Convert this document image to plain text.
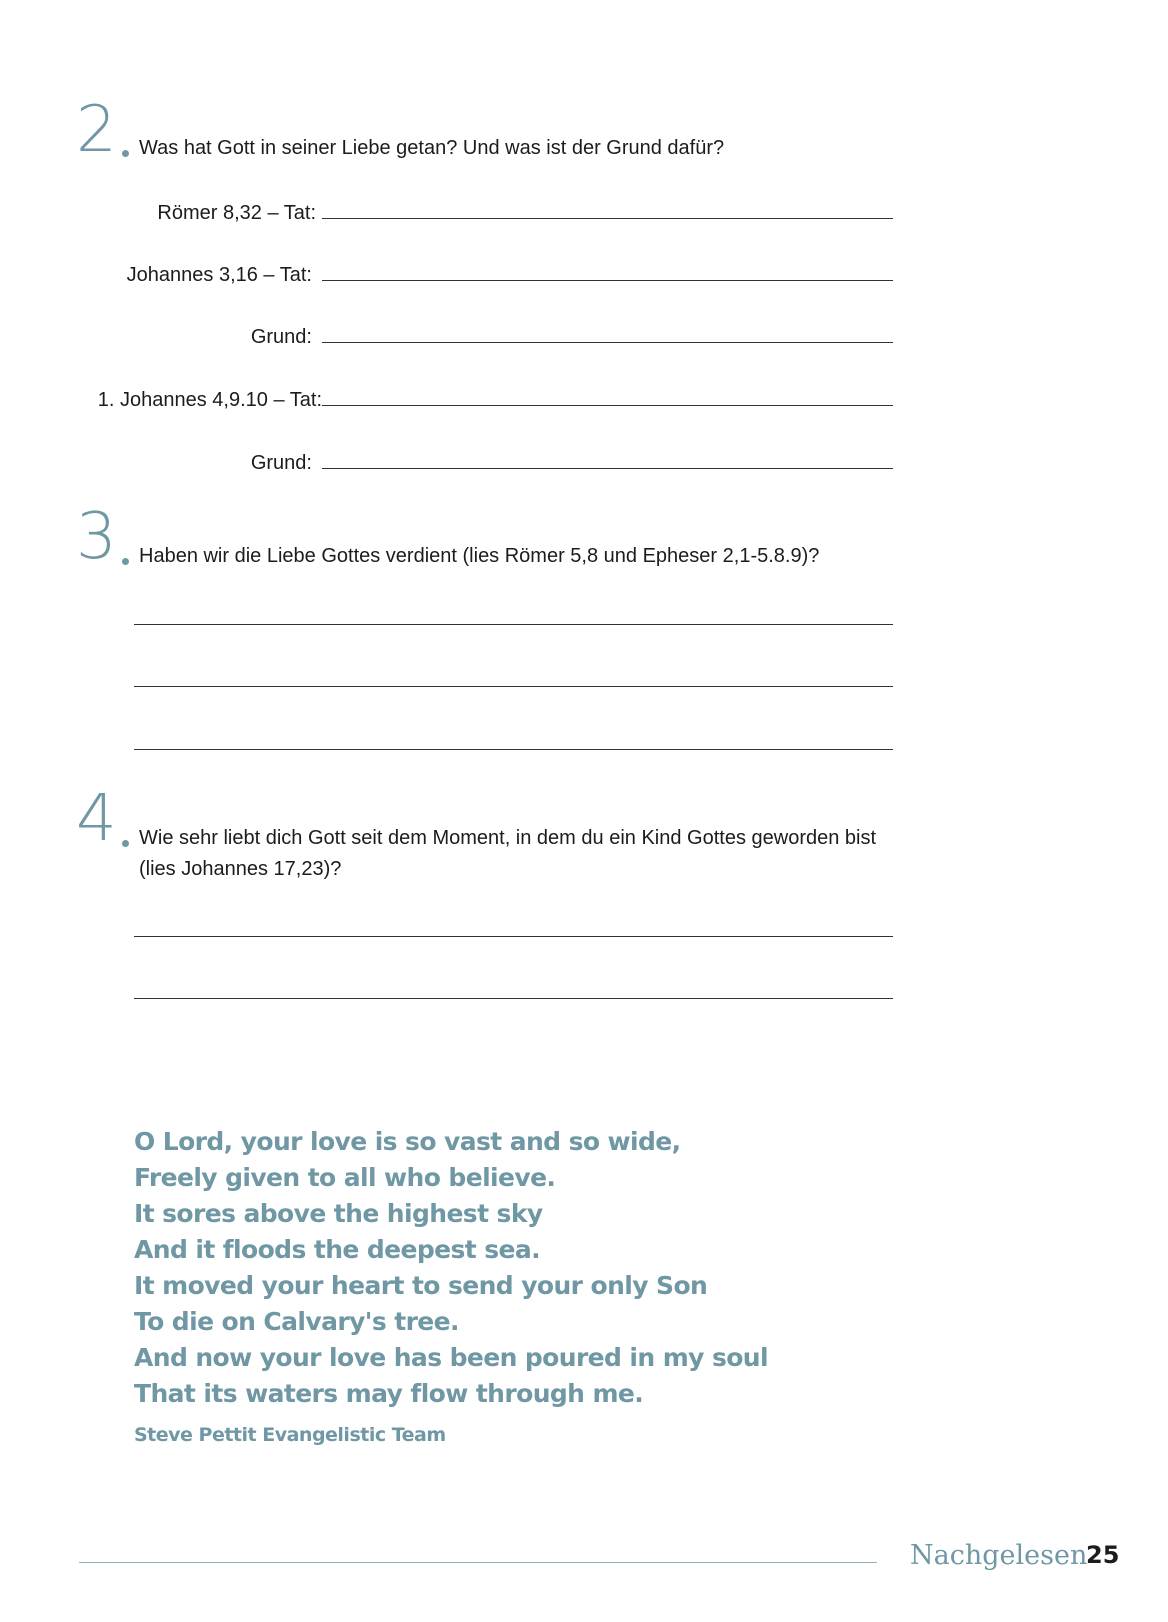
2 Was hat Gott in seiner Liebe getan? Und was ist der Grund dafür?
Römer 8,32 – Tat:
Johannes 3,16 – Tat:
Grund:
1. Johannes 4,9.10 – Tat:
Grund:
3 Haben wir die Liebe Gottes verdient (lies Römer 5,8 und Epheser 2,1-5.8.9)?
4 Wie sehr liebt dich Gott seit dem Moment, in dem du ein Kind Gottes geworden bist
(lies Johannes 17,23)?
O Lord, your love is so vast and so wide,
Freely given to all who believe.
It sores above the highest sky
And it floods the deepest sea.
It moved your heart to send your only Son
To die on Calvary's tree.
And now your love has been poured in my soul
That its waters may flow through me.
Steve Pettit Evangelistic Team
Nachgelesen
25
